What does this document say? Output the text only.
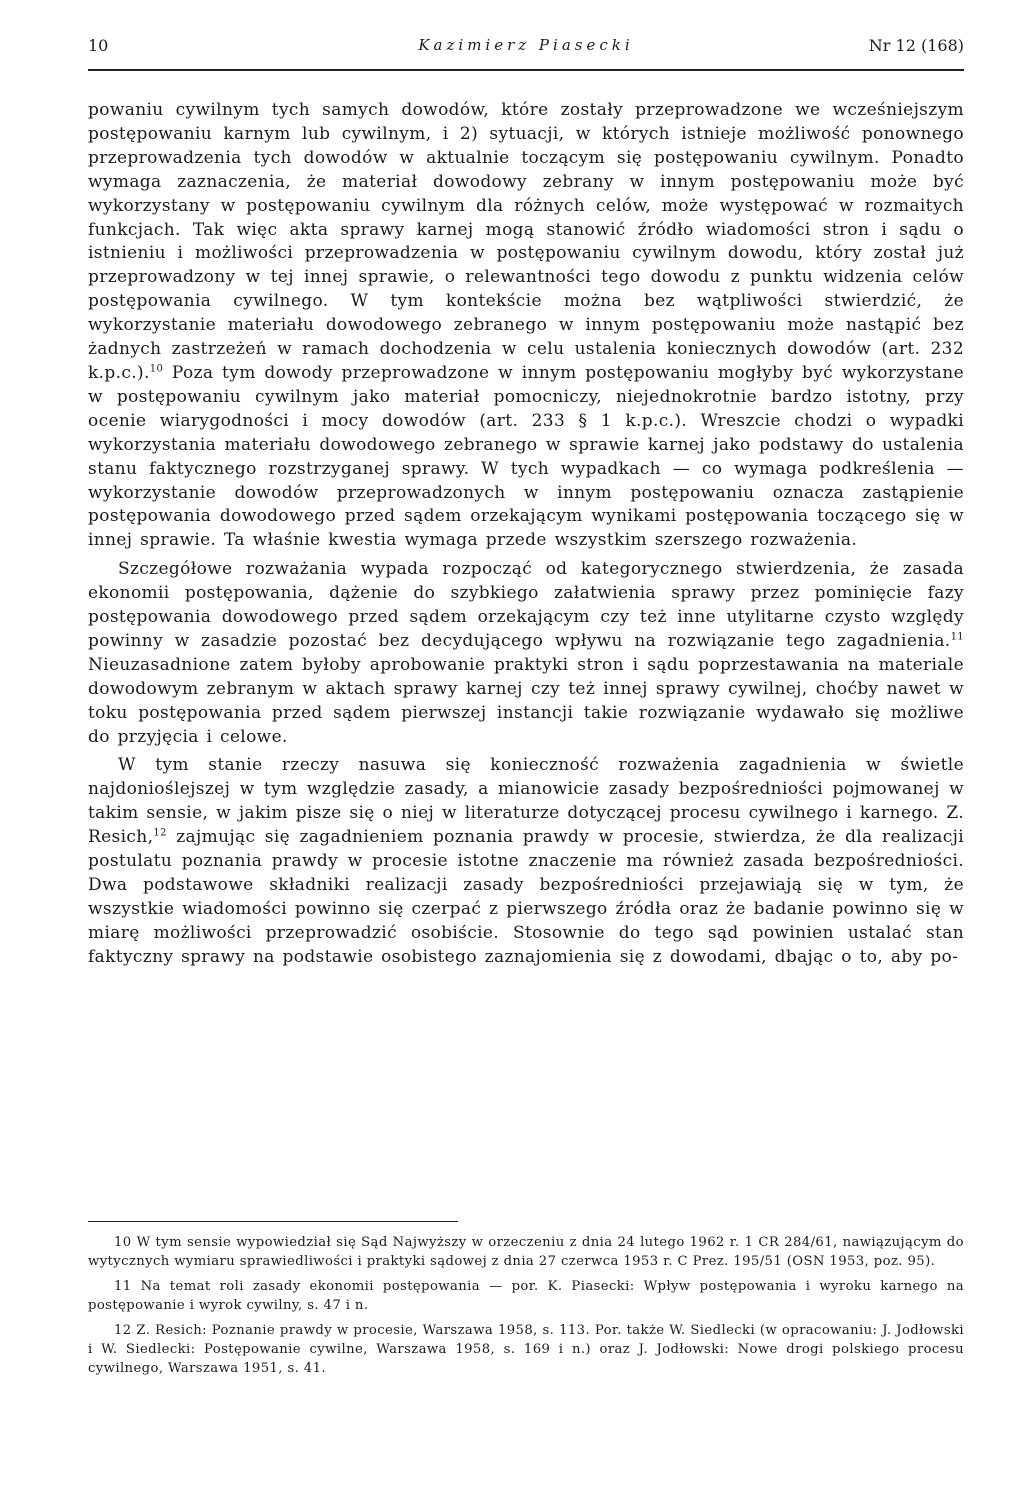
10	Kazimierz Piasecki	Nr 12 (168)

powaniu cywilnym tych samych dowodów, które zostały przeprowadzone we wcześniejszym postępowaniu karnym lub cywilnym, i 2) sytuacji, w których istnieje możliwość ponownego przeprowadzenia tych dowodów w aktualnie toczącym się postępowaniu cywilnym. Ponadto wymaga zaznaczenia, że materiał dowodowy zebrany w innym postępowaniu może być wykorzystany w postępowaniu cywilnym dla różnych celów, może występować w rozmaitych funkcjach. Tak więc akta sprawy karnej mogą stanowić źródło wiadomości stron i sądu o istnieniu i możliwości przeprowadzenia w postępowaniu cywilnym dowodu, który został już przeprowadzony w tej innej sprawie, o relewantności tego dowodu z punktu widzenia celów postępowania cywilnego. W tym kontekście można bez wątpliwości stwierdzić, że wykorzystanie materiału dowodowego zebranego w innym postępowaniu może nastąpić bez żadnych zastrzeżeń w ramach dochodzenia w celu ustalenia koniecznych dowodów (art. 232 k.p.c.).$^{10}$ Poza tym dowody przeprowadzone w innym postępowaniu mogłyby być wykorzystane w postępowaniu cywilnym jako materiał pomocniczy, niejednokrotnie bardzo istotny, przy ocenie wiarygodności i mocy dowodów (art. 233 § 1 k.p.c.). Wreszcie chodzi o wypadki wykorzystania materiału dowodowego zebranego w sprawie karnej jako podstawy do ustalenia stanu faktycznego rozstrzyganej sprawy. W tych wypadkach — co wymaga podkreślenia — wykorzystanie dowodów przeprowadzonych w innym postępowaniu oznacza zastąpienie postępowania dowodowego przed sądem orzekającym wynikami postępowania toczącego się w innej sprawie. Ta właśnie kwestia wymaga przede wszystkim szerszego rozważenia.

Szczegółowe rozważania wypada rozpocząć od kategorycznego stwierdzenia, że zasada ekonomii postępowania, dążenie do szybkiego załatwienia sprawy przez pominięcie fazy postępowania dowodowego przed sądem orzekającym czy też inne utylitarne czysto względy powinny w zasadzie pozostać bez decydującego wpływu na rozwiązanie tego zagadnienia.$^{11}$ Nieuzasadnione zatem byłoby aprobowanie praktyki stron i sądu poprzestawania na materiale dowodowym zebranym w aktach sprawy karnej czy też innej sprawy cywilnej, choćby nawet w toku postępowania przed sądem pierwszej instancji takie rozwiązanie wydawało się możliwe do przyjęcia i celowe.

W tym stanie rzeczy nasuwa się konieczność rozważenia zagadnienia w świetle najdonioślejszej w tym względzie zasady, a mianowicie zasady bezpośredniości pojmowanej w takim sensie, w jakim pisze się o niej w literaturze dotyczącej procesu cywilnego i karnego. Z. Resich,$^{12}$ zajmując się zagadnieniem poznania prawdy w procesie, stwierdza, że dla realizacji postulatu poznania prawdy w procesie istotne znaczenie ma również zasada bezpośredniości. Dwa podstawowe składniki realizacji zasady bezpośredniości przejawiają się w tym, że wszystkie wiadomości powinno się czerpać z pierwszego źródła oraz że badanie powinno się w miarę możliwości przeprowadzić osobiście. Stosownie do tego sąd powinien ustalać stan faktyczny sprawy na podstawie osobistego zaznajomienia się z dowodami, dbając o to, aby po-

10 W tym sensie wypowiedział się Sąd Najwyższy w orzeczeniu z dnia 24 lutego 1962 r. 1 CR 284/61, nawiązującym do wytycznych wymiaru sprawiedliwości i praktyki sądowej z dnia 27 czerwca 1953 r. C Prez. 195/51 (OSN 1953, poz. 95).

11 Na temat roli zasady ekonomii postępowania — por. K. Piasecki: Wpływ postępowania i wyroku karnego na postępowanie i wyrok cywilny, s. 47 i n.

12 Z. Resich: Poznanie prawdy w procesie, Warszawa 1958, s. 113. Por. także W. Siedlecki (w opracowaniu: J. Jodłowski i W. Siedlecki: Postępowanie cywilne, Warszawa 1958, s. 169 i n.) oraz J. Jodłowski: Nowe drogi polskiego procesu cywilnego, Warszawa 1951, s. 41.
